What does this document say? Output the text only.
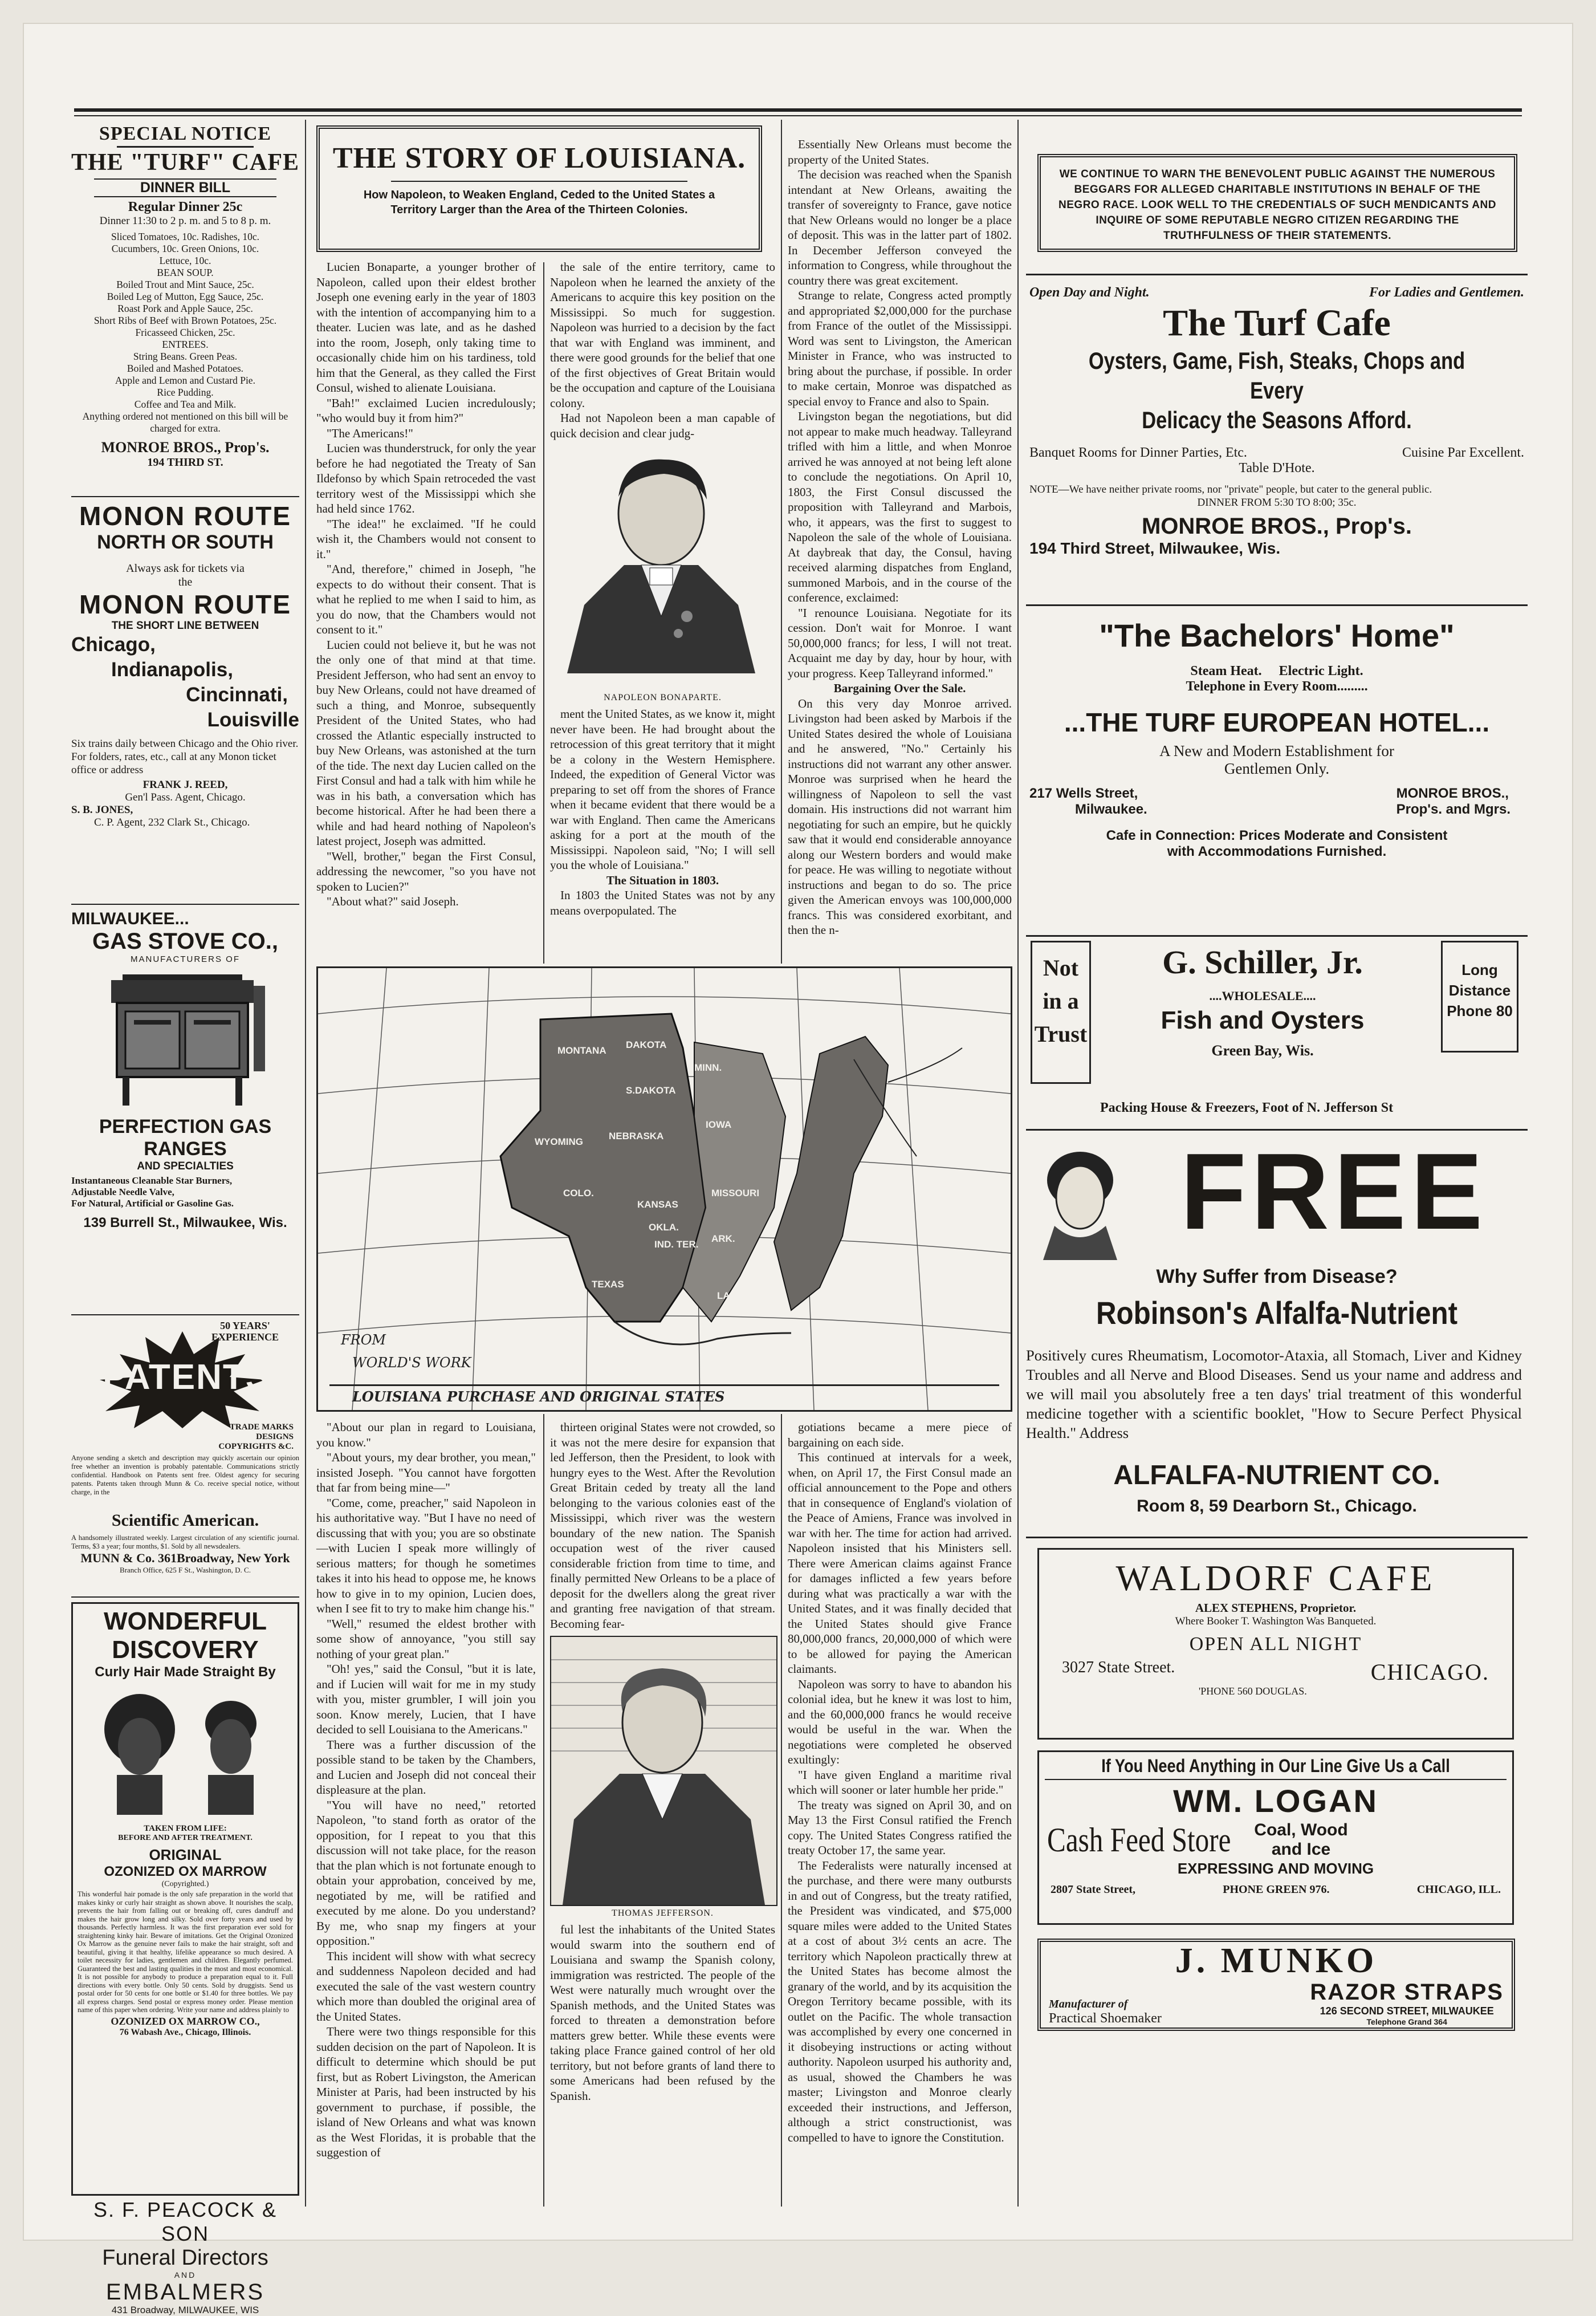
SPECIAL NOTICE
THE "TURF" CAFE
DINNER BILL
Regular Dinner 25c
Dinner 11:30 to 2 p. m. and 5 to 8 p. m.
Sliced Tomatoes, 10c. Radishes, 10c.
Cucumbers, 10c. Green Onions, 10c.
Lettuce, 10c.
BEAN SOUP.
Boiled Trout and Mint Sauce, 25c.
Boiled Leg of Mutton, Egg Sauce, 25c.
Roast Pork and Apple Sauce, 25c.
Short Ribs of Beef with Brown Potatoes, 25c.
Fricasseed Chicken, 25c.
ENTREES.
String Beans. Green Peas.
Boiled and Mashed Potatoes.
Apple and Lemon and Custard Pie.
Rice Pudding.
Coffee and Tea and Milk.
Anything ordered not mentioned on this bill will be charged for extra.
MONROE BROS., Prop's.
194 THIRD ST.
MONON ROUTE
NORTH OR SOUTH
Always ask for tickets via the
MONON ROUTE
THE SHORT LINE BETWEEN
Chicago,
Indianapolis,
Cincinnati,
Louisville
Six trains daily between Chicago and the Ohio river.
For folders, rates, etc., call at any Monon ticket office or address
FRANK J. REED,
Gen'l Pass. Agent, Chicago.
S. B. JONES,
C. P. Agent, 232 Clark St., Chicago.
MILWAUKEE...
GAS STOVE CO.,
MANUFACTURERS OF
PERFECTION GAS RANGES
AND SPECIALTIES
Instantaneous Cleanable Star Burners,
Adjustable Needle Valve,
For Natural, Artificial or Gasoline Gas.
139 Burrell St., Milwaukee, Wis.
50 YEARS' EXPERIENCE
PATENTS
TRADE MARKS
DESIGNS
COPYRIGHTS &C.
Anyone sending a sketch and description may quickly ascertain our opinion free whether an invention is probably patentable. Communications strictly confidential. Handbook on Patents sent free. Oldest agency for securing patents. Patents taken through Munn & Co. receive special notice, without charge, in the
Scientific American.
A handsomely illustrated weekly. Largest circulation of any scientific journal. Terms, $3 a year; four months, $1. Sold by all newsdealers.
MUNN & Co. 361Broadway, New York
Branch Office, 625 F St., Washington, D. C.
WONDERFUL
DISCOVERY
Curly Hair Made Straight By
TAKEN FROM LIFE:
BEFORE AND AFTER TREATMENT.
ORIGINAL
OZONIZED OX MARROW
(Copyrighted.)
This wonderful hair pomade is the only safe preparation in the world that makes kinky or curly hair straight as shown above. It nourishes the scalp, prevents the hair from falling out or breaking off, cures dandruff and makes the hair grow long and silky. Sold over forty years and used by thousands. Perfectly harmless. It was the first preparation ever sold for straightening kinky hair. Beware of imitations. Get the Original Ozonized Ox Marrow as the genuine never fails to make the hair straight, soft and beautiful, giving it that healthy, lifelike appearance so much desired. A toilet necessity for ladies, gentlemen and children. Elegantly perfumed. Guaranteed the best and lasting qualities in the most and most economical. It is not possible for anybody to produce a preparation equal to it. Full directions with every bottle. Only 50 cents. Sold by druggists. Send us postal order for 50 cents for one bottle or $1.40 for three bottles. We pay all express charges. Send postal or express money order. Please mention name of this paper when ordering. Write your name and address plainly to
OZONIZED OX MARROW CO.,
76 Wabash Ave., Chicago, Illinois.
S. F. PEACOCK & SON
Funeral Directors
AND
EMBALMERS
431 Broadway, MILWAUKEE, WIS
THE STORY OF LOUISIANA.
How Napoleon, to Weaken England, Ceded to the United States a Territory Larger than the Area of the Thirteen Colonies.

Lucien Bonaparte, a younger brother of Napoleon, called upon their eldest brother Joseph one evening early in the year of 1803 with the intention of accompanying him to a theater. Lucien was late, and as he dashed into the room, Joseph, only taking time to occasionally chide him on his tardiness, told him that the General, as they called the First Consul, wished to alienate Louisiana.

"Bah!" exclaimed Lucien incredulously; "who would buy it from him?"

"The Americans!"

Lucien was thunderstruck, for only the year before he had negotiated the Treaty of San Ildefonso by which Spain retroceded the vast territory west of the Mississippi which she had held since 1762.

"The idea!" he exclaimed. "If he could wish it, the Chambers would not consent to it."

"And, therefore," chimed in Joseph, "he expects to do without their consent. That is what he replied to me when I said to him, as you do now, that the Chambers would not consent to it."

Lucien could not believe it, but he was not the only one of that mind at that time. President Jefferson, who had sent an envoy to buy New Orleans, could not have dreamed of such a thing, and Monroe, subsequently President of the United States, who had crossed the Atlantic especially instructed to buy New Orleans, was astonished at the turn of the tide. The next day Lucien called on the First Consul and had a talk with him while he was in his bath, a conversation which has become historical. After he had been there a while and had heard nothing of Napoleon's latest project, Joseph was admitted.

"Well, brother," began the First Consul, addressing the newcomer, "so you have not spoken to Lucien?"

"About what?" said Joseph.

the sale of the entire territory, came to Napoleon when he learned the anxiety of the Americans to acquire this key position on the Mississippi. So much for suggestion. Napoleon was hurried to a decision by the fact that war with England was imminent, and there were good grounds for the belief that one of the first objectives of Great Britain would be the occupation and capture of the Louisiana colony.

Had not Napoleon been a man capable of quick decision and clear judg-

NAPOLEON BONAPARTE.

ment the United States, as we know it, might never have been. He had brought about the retrocession of this great territory that it might be a colony in the Western Hemisphere. Indeed, the expedition of General Victor was preparing to set off from the shores of France when it became evident that there would be a war with England. Then came the Americans asking for a port at the mouth of the Mississippi. Napoleon said, "No; I will sell you the whole of Louisiana."

The Situation in 1803.

In 1803 the United States was not by any means overpopulated. The

Essentially New Orleans must become the property of the United States.

The decision was reached when the Spanish intendant at New Orleans, awaiting the transfer of sovereignty to France, gave notice that New Orleans would no longer be a place of deposit. This was in the latter part of 1802. In December Jefferson conveyed the information to Congress, while throughout the country there was great excitement.

Strange to relate, Congress acted promptly and appropriated $2,000,000 for the purchase from France of the outlet of the Mississippi. Word was sent to Livingston, the American Minister in France, who was instructed to bring about the purchase, if possible. In order to make certain, Monroe was dispatched as special envoy to France and also to Spain.

Livingston began the negotiations, but did not appear to make much headway. Talleyrand trifled with him a little, and when Monroe arrived he was annoyed at not being left alone to conclude the negotiations. On April 10, 1803, the First Consul discussed the proposition with Talleyrand and Marbois, who, it appears, was the first to suggest to Napoleon the sale of the whole of Louisiana. At daybreak that day, the Consul, having received alarming dispatches from England, summoned Marbois, and in the course of the conference, exclaimed:

"I renounce Louisiana. Negotiate for its cession. Don't wait for Monroe. I want 50,000,000 francs; for less, I will not treat. Acquaint me day by day, hour by hour, with your progress. Keep Talleyrand informed."

Bargaining Over the Sale.

On this very day Monroe arrived. Livingston had been asked by Marbois if the United States desired the whole of Louisiana and he answered, "No." Certainly his instructions did not warrant any other answer. Monroe was surprised when he heard the willingness of Napoleon to sell the vast domain. His instructions did not warrant him negotiating for such an empire, but he quickly saw that it would end considerable annoyance along our Western borders and would make for peace. He was willing to negotiate without instructions and began to do so. The price given the American envoys was 100,000,000 francs. This was considered exorbitant, and then the n-

MONTANA
DAKOTA
S.DAKOTA
WYOMING
NEBRASKA
KANSAS
IOWA
MINN.
COLO.	MISSOURI
IDAHO
TEXAS
ARK.
IND. TER.
LA.
OKLA.
FROM
WORLD'S WORK
LOUISIANA PURCHASE AND ORIGINAL STATES

"About our plan in regard to Louisiana, you know."

"About yours, my dear brother, you mean," insisted Joseph. "You cannot have forgotten that far from being mine—"

"Come, come, preacher," said Napoleon in his authoritative way. "But I have no need of discussing that with you; you are so obstinate—with Lucien I speak more willingly of serious matters; for though he sometimes takes it into his head to oppose me, he knows how to give in to my opinion, Lucien does, when I see fit to try to make him change his."

"Well," resumed the eldest brother with some show of annoyance, "you still say nothing of your great plan."

"Oh! yes," said the Consul, "but it is late, and if Lucien will wait for me in my study with you, mister grumbler, I will join you soon. Know merely, Lucien, that I have decided to sell Louisiana to the Americans."

There was a further discussion of the possible stand to be taken by the Chambers, and Lucien and Joseph did not conceal their displeasure at the plan.

"You will have no need," retorted Napoleon, "to stand forth as orator of the opposition, for I repeat to you that this discussion will not take place, for the reason that the plan which is not fortunate enough to obtain your approbation, conceived by me, negotiated by me, will be ratified and executed by me alone. Do you understand? By me, who snap my fingers at your opposition."

This incident will show with what secrecy and suddenness Napoleon decided and had executed the sale of the vast western country which more than doubled the original area of the United States.

There were two things responsible for this sudden decision on the part of Napoleon. It is difficult to determine which should be put first, but as Robert Livingston, the American Minister at Paris, had been instructed by his government to purchase, if possible, the island of New Orleans and what was known as the West Floridas, it is probable that the suggestion of

thirteen original States were not crowded, so it was not the mere desire for expansion that led Jefferson, then the President, to look with hungry eyes to the West. After the Revolution Great Britain ceded by treaty all the land belonging to the various colonies east of the Mississippi, which river was the western boundary of the new nation. The Spanish occupation west of the river caused considerable friction from time to time, and finally permitted New Orleans to be a place of deposit for the dwellers along the great river and granting free navigation of that stream. Becoming fear-

THOMAS JEFFERSON.

ful lest the inhabitants of the United States would swarm into the southern end of Louisiana and swamp the Spanish colony, immigration was restricted. The people of the West were naturally much wrought over the Spanish methods, and the United States was forced to threaten a demonstration before matters grew better. While these events were taking place France gained control of her old territory, but not before grants of land there to some Americans had been refused by the Spanish.

gotiations became a mere piece of bargaining on each side.

This continued at intervals for a week, when, on April 17, the First Consul made an official announcement to the Pope and others that in consequence of England's violation of the Peace of Amiens, France was involved in war with her. The time for action had arrived. Napoleon insisted that his Ministers sell. There were American claims against France for damages inflicted a few years before during what was practically a war with the United States, and it was finally decided that the United States should give France 80,000,000 francs, 20,000,000 of which were to be allowed for paying the American claimants.

Napoleon was sorry to have to abandon his colonial idea, but he knew it was lost to him, and the 60,000,000 francs he would receive would be useful in the war. When the negotiations were completed he observed exultingly:

"I have given England a maritime rival which will sooner or later humble her pride."

The treaty was signed on April 30, and on May 13 the First Consul ratified the French copy. The United States Congress ratified the treaty October 17, the same year.

The Federalists were naturally incensed at the purchase, and there were many outbursts in and out of Congress, but the treaty ratified, the President was vindicated, and $75,000 square miles were added to the United States at a cost of about 3½ cents an acre. The territory which Napoleon practically threw at the United States has become almost the granary of the world, and by its acquisition the Oregon Territory became possible, with its outlet on the Pacific. The whole transaction was accomplished by every one concerned in it disobeying instructions or acting without authority. Napoleon usurped his authority and, as usual, showed the Chambers he was master; Livingston and Monroe clearly exceeded their instructions, and Jefferson, although a strict constructionist, was compelled to have to ignore the Constitution.

WE CONTINUE TO WARN THE BENEVOLENT PUBLIC AGAINST THE NUMEROUS BEGGARS FOR ALLEGED CHARITABLE INSTITUTIONS IN BEHALF OF THE NEGRO RACE. LOOK WELL TO THE CREDENTIALS OF SUCH MENDICANTS AND INQUIRE OF SOME REPUTABLE NEGRO CITIZEN REGARDING THE TRUTHFULNESS OF THEIR STATEMENTS.
Open Day and Night.	For Ladies and Gentlemen.
The Turf Cafe
Oysters, Game, Fish, Steaks, Chops and Every
Delicacy the Seasons Afford.
Banquet Rooms for Dinner Parties, Etc.	Cuisine Par Excellent.
Table D'Hote.
NOTE—We have neither private rooms, nor "private" people, but cater to the general public.
DINNER FROM 5:30 TO 8:00; 35c.
MONROE BROS., Prop's.
194 Third Street, Milwaukee, Wis.
"The Bachelors' Home"
Steam Heat. Electric Light.
Telephone in Every Room.........
...THE TURF EUROPEAN HOTEL...
A New and Modern Establishment for
Gentlemen Only.
217 Wells Street,
Milwaukee.
MONROE BROS.,
Prop's. and Mgrs.
Cafe in Connection: Prices Moderate and Consistent
with Accommodations Furnished.
Not
in a
Trust
G. Schiller, Jr.
....WHOLESALE....
Fish and Oysters
Green Bay, Wis.
Long
Distance
Phone 80
Packing House & Freezers, Foot of N. Jefferson St
FREE
Why Suffer from Disease?
Robinson's Alfalfa-Nutrient
Positively cures Rheumatism, Locomotor-Ataxia, all Stomach, Liver and Kidney Troubles and all Nerve and Blood Diseases. Send us your name and address and we will mail you absolutely free a ten days' trial treatment of this wonderful medicine together with a scientific booklet, "How to Secure Perfect Physical Health." Address
ALFALFA-NUTRIENT CO.
Room 8, 59 Dearborn St., Chicago.
WALDORF CAFE
ALEX STEPHENS, Proprietor.
Where Booker T. Washington Was Banqueted.
OPEN ALL NIGHT
3027 State Street.	CHICAGO.
'PHONE 560 DOUGLAS.
If You Need Anything in Our Line Give Us a Call
WM. LOGAN
Cash Feed Store Coal, Wood
and Ice
EXPRESSING AND MOVING
2807 State Street,	PHONE GREEN 976.	CHICAGO, ILL.
J. MUNKO
Manufacturer of
Practical Shoemaker
RAZOR STRAPS
126 SECOND STREET, MILWAUKEE
Telephone Grand 364
